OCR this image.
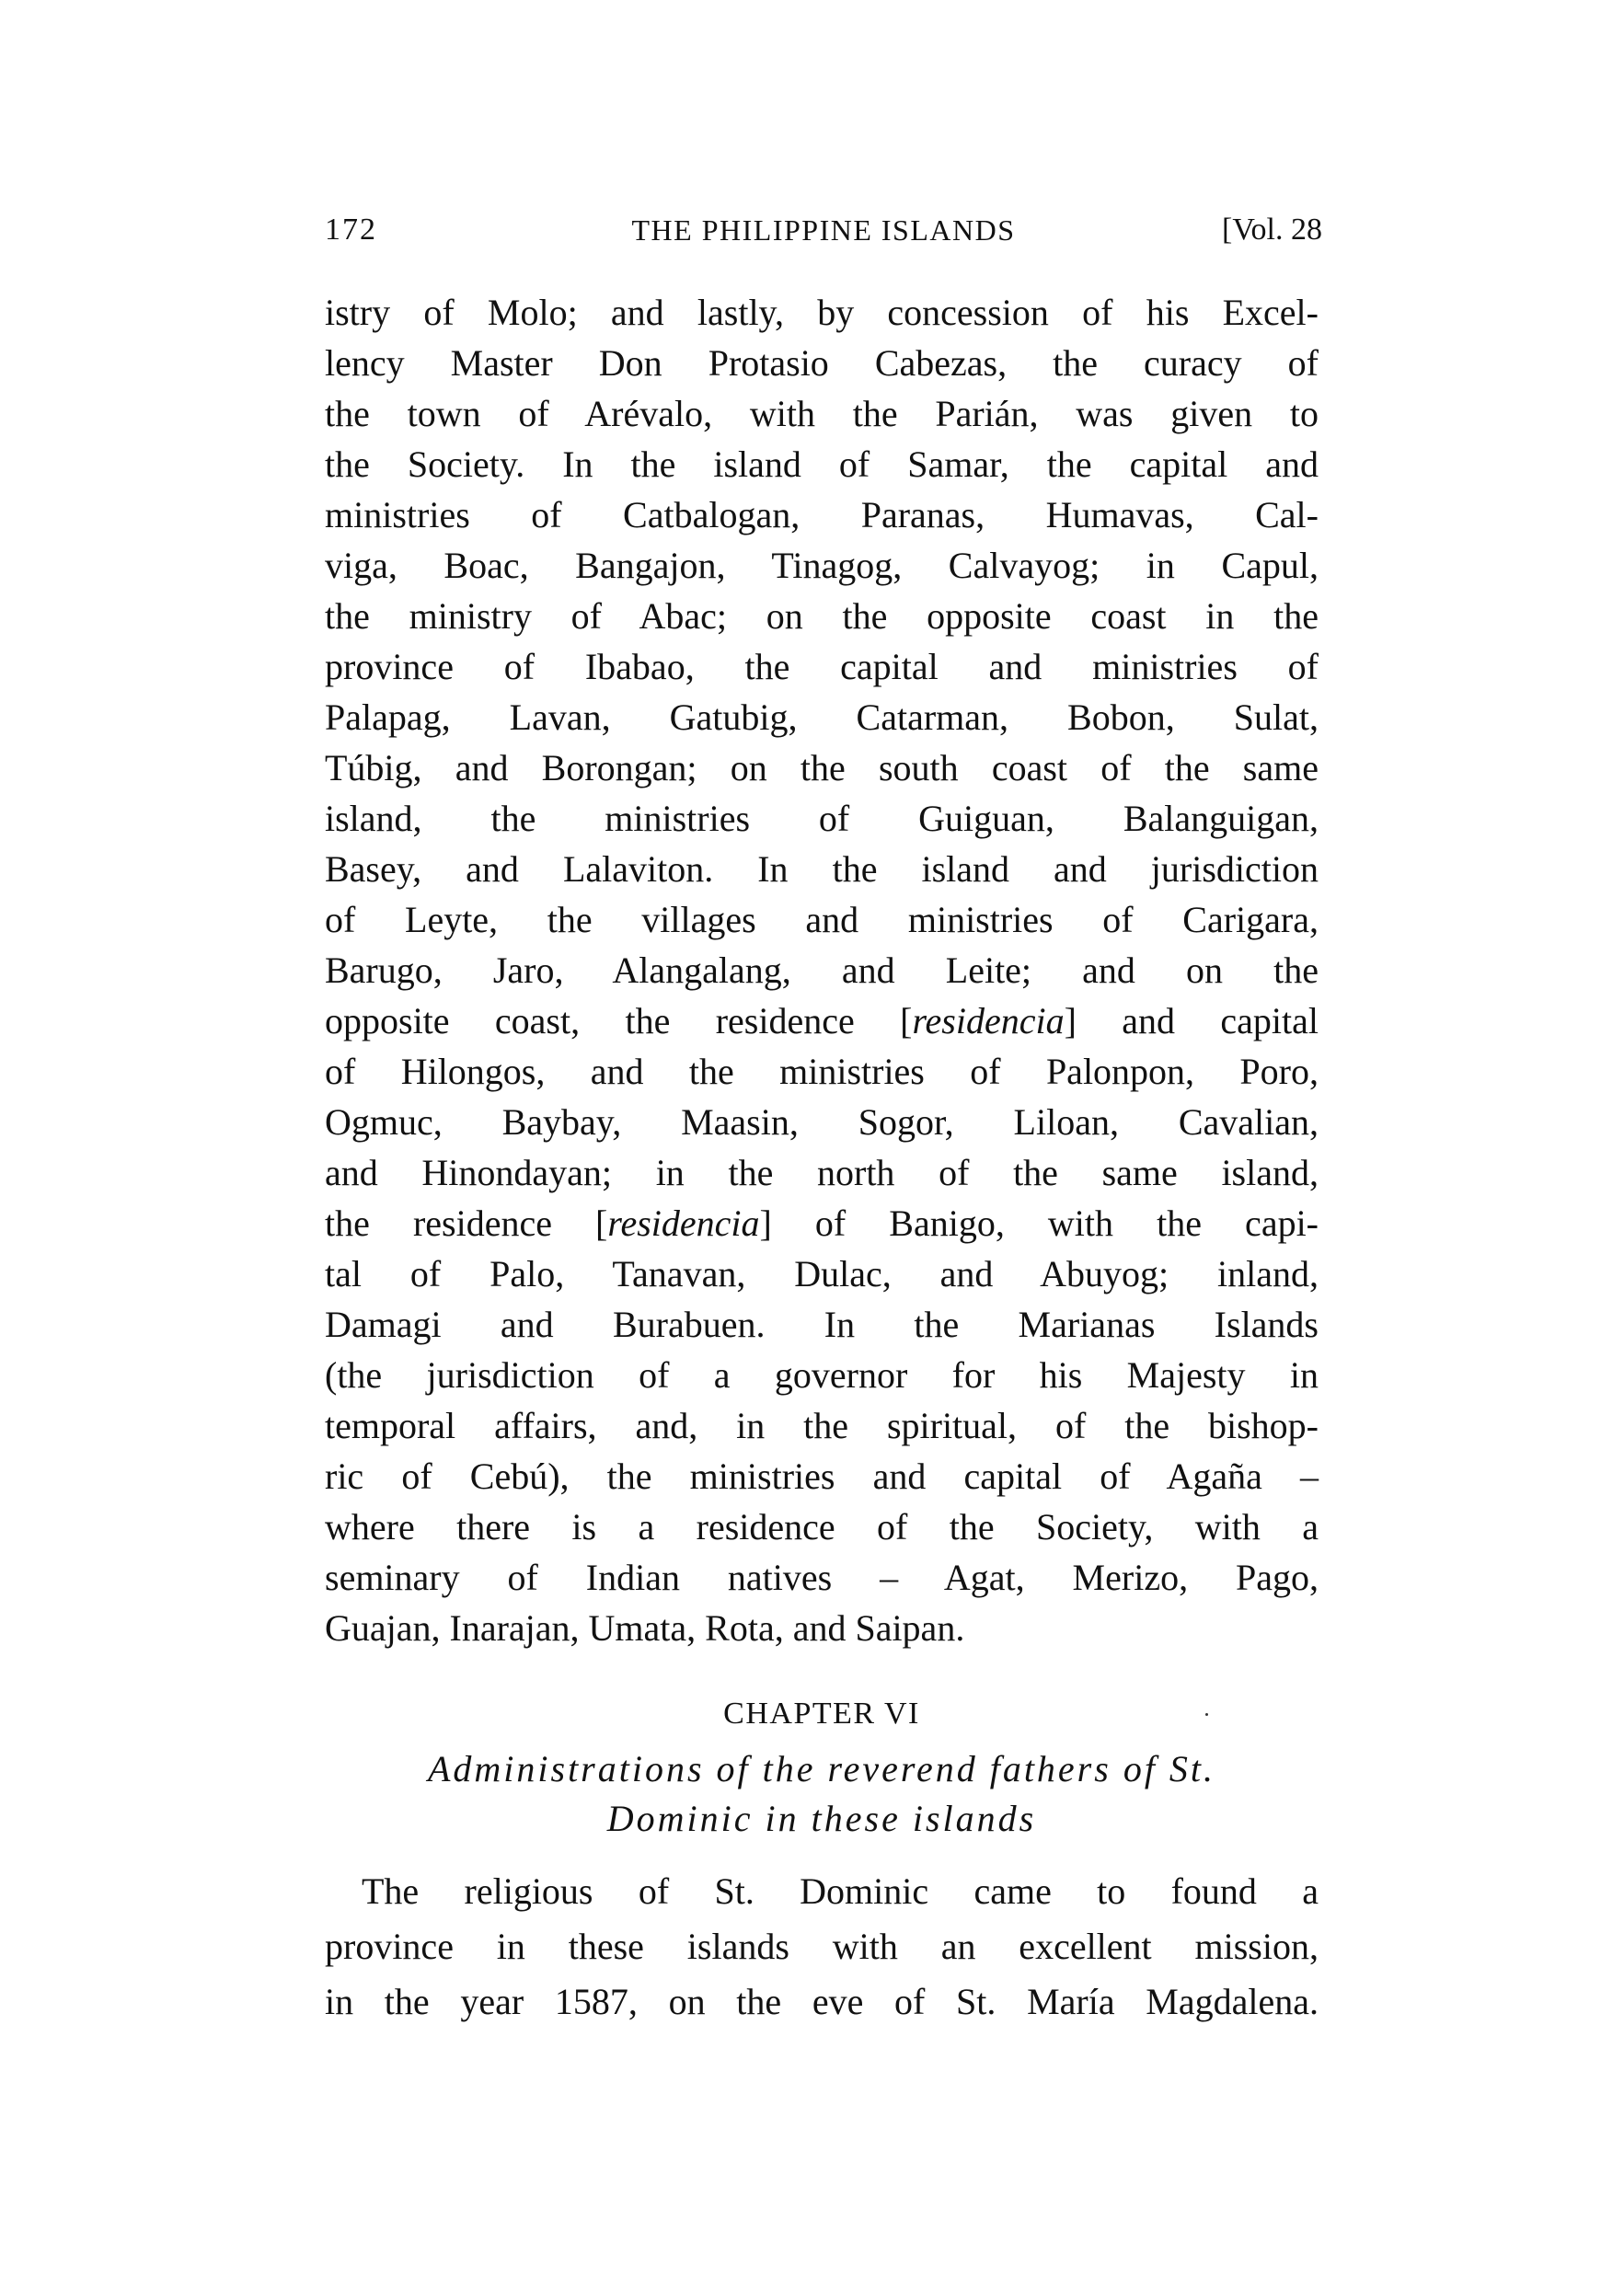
172	THE PHILIPPINE ISLANDS	[Vol. 28
istry of Molo; and lastly, by concession of his Excel-
lency Master Don Protasio Cabezas, the curacy of
the town of Arévalo, with the Parián, was given to
the Society. In the island of Samar, the capital and
ministries of Catbalogan, Paranas, Humavas, Cal-
viga, Boac, Bangajon, Tinagog, Calvayog; in Capul,
the ministry of Abac; on the opposite coast in the
province of Ibabao, the capital and ministries of
Palapag, Lavan, Gatubig, Catarman, Bobon, Sulat,
Túbig, and Borongan; on the south coast of the same
island, the ministries of Guiguan, Balanguigan,
Basey, and Lalaviton. In the island and jurisdiction
of Leyte, the villages and ministries of Carigara,
Barugo, Jaro, Alangalang, and Leite; and on the
opposite coast, the residence [residencia] and capital
of Hilongos, and the ministries of Palonpon, Poro,
Ogmuc, Baybay, Maasin, Sogor, Liloan, Cavalian,
and Hinondayan; in the north of the same island,
the residence [residencia] of Banigo, with the capi-
tal of Palo, Tanavan, Dulac, and Abuyog; inland,
Damagi and Burabuen. In the Marianas Islands
(the jurisdiction of a governor for his Majesty in
temporal affairs, and, in the spiritual, of the bishop-
ric of Cebú), the ministries and capital of Agaña –
where there is a residence of the Society, with a
seminary of Indian natives – Agat, Merizo, Pago,
Guajan, Inarajan, Umata, Rota, and Saipan.
CHAPTER VI
Administrations of the reverend fathers of St.
Dominic in these islands
The religious of St. Dominic came to found a
province in these islands with an excellent mission,
in the year 1587, on the eve of St. María Magdalena.
